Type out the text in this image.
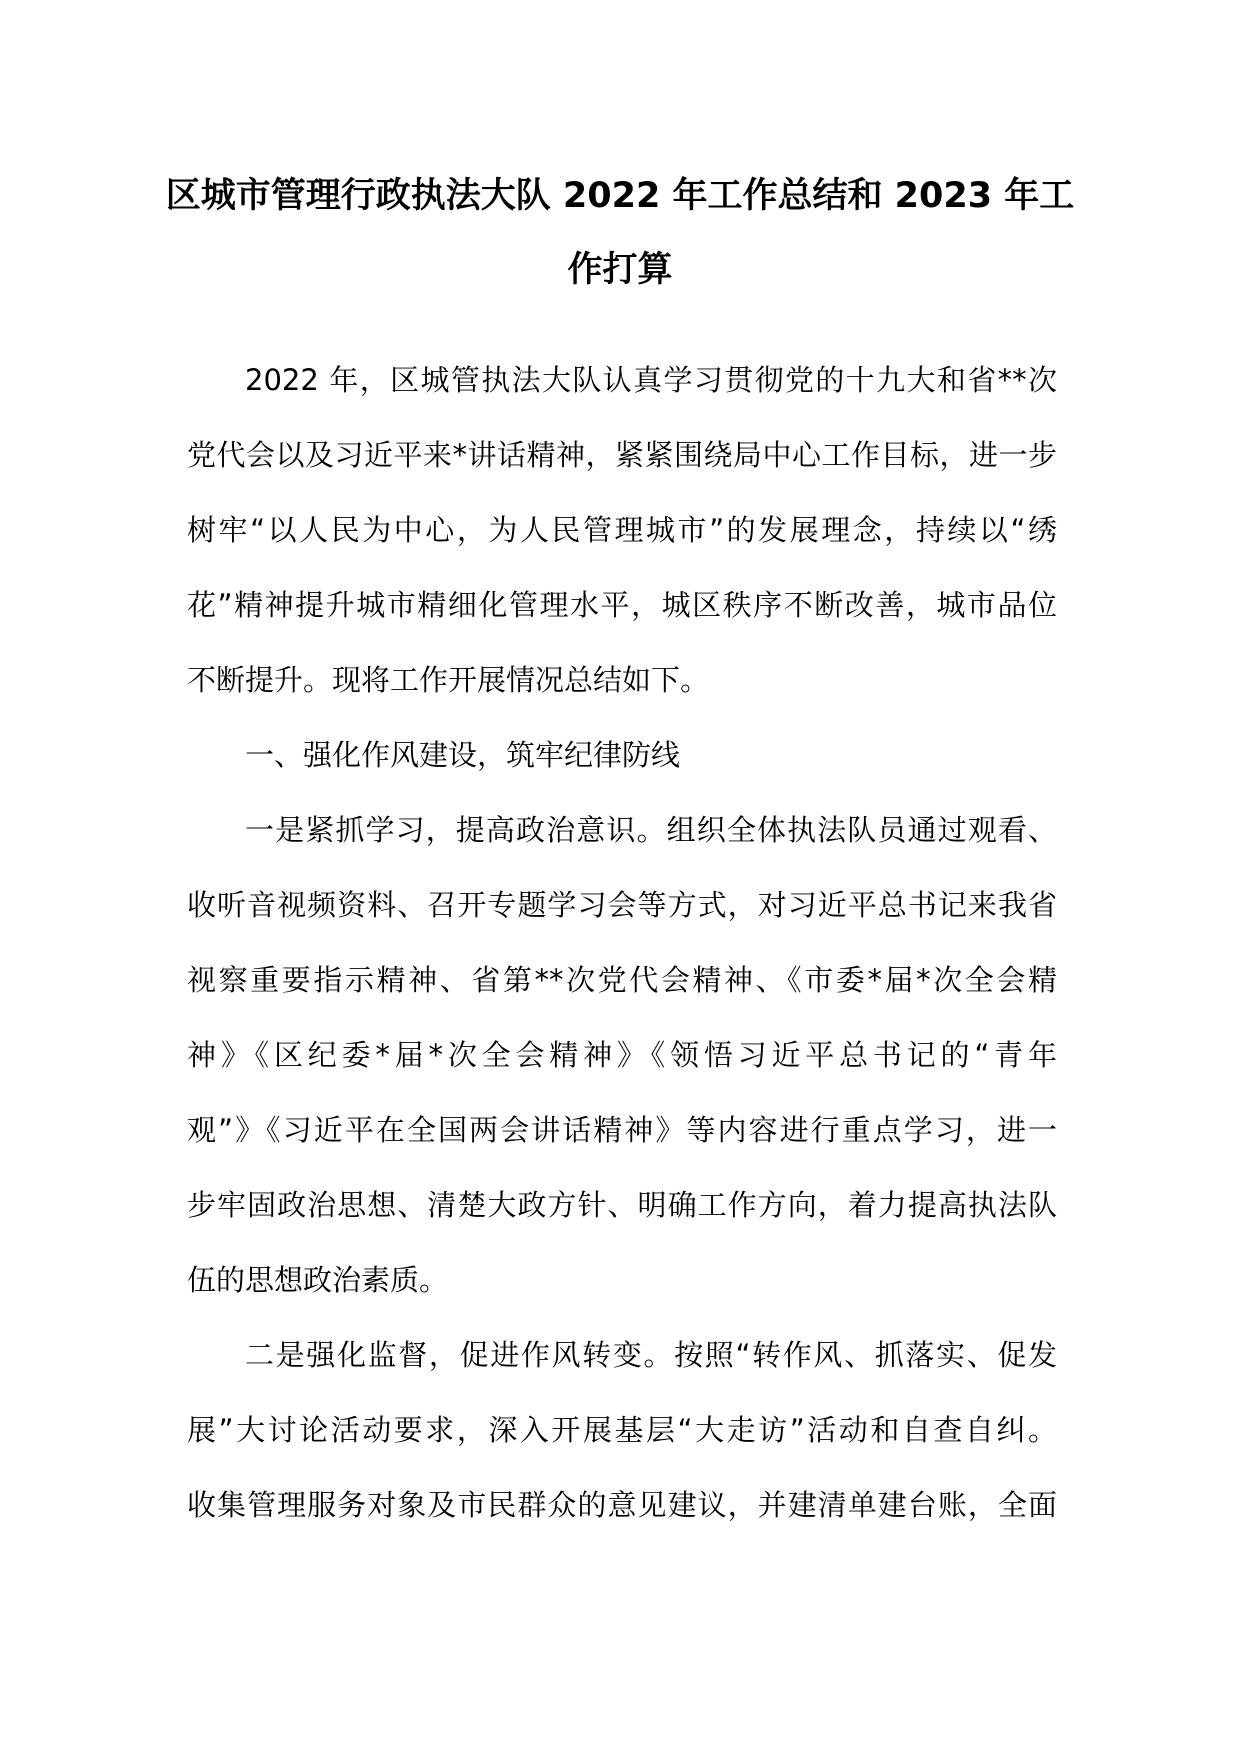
区城市管理行政执法大队 2022 年工作总结和 2023 年工
作打算
2022 年，区城管执法大队认真学习贯彻党的十九大和省**次
党代会以及习近平来*讲话精神，紧紧围绕局中心工作目标，进一步
树牢“以人民为中心，为人民管理城市”的发展理念，持续以“绣
花”精神提升城市精细化管理水平，城区秩序不断改善，城市品位
不断提升。现将工作开展情况总结如下。
一、强化作风建设，筑牢纪律防线
一是紧抓学习，提高政治意识。组织全体执法队员通过观看、
收听音视频资料、召开专题学习会等方式，对习近平总书记来我省
视察重要指示精神、省第**次党代会精神、《市委*届*次全会精
神》《区纪委*届*次全会精神》《领悟习近平总书记的“青年
观”》《习近平在全国两会讲话精神》等内容进行重点学习，进一
步牢固政治思想、清楚大政方针、明确工作方向，着力提高执法队
伍的思想政治素质。
二是强化监督，促进作风转变。按照“转作风、抓落实、促发
展”大讨论活动要求，深入开展基层“大走访”活动和自查自纠。
收集管理服务对象及市民群众的意见建议，并建清单建台账，全面
